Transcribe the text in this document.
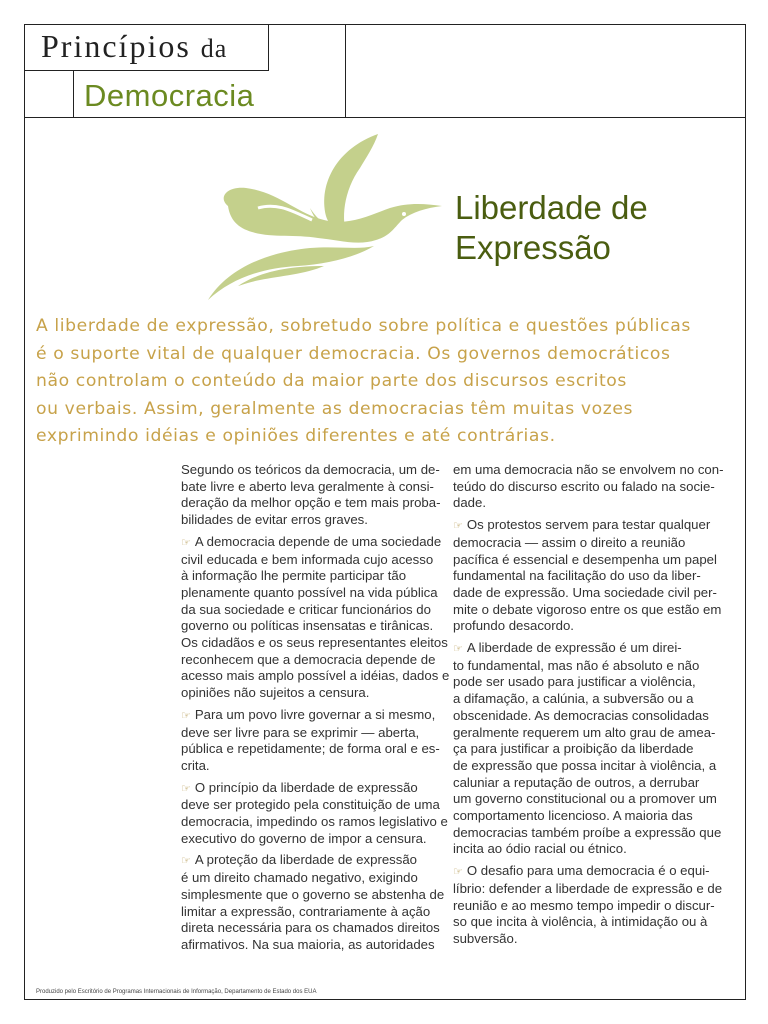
Princípios da
Democracia
Liberdade de
Expressão

A liberdade de expressão, sobretudo sobre política e questões públicas

é o suporte vital de qualquer democracia. Os governos democráticos

não controlam o conteúdo da maior parte dos discursos escritos

ou verbais. Assim, geralmente as democracias têm muitas vozes

exprimindo idéias e opiniões diferentes e até contrárias.

Segundo os teóricos da democracia, um de-
bate livre e aberto leva geralmente à consi-
deração da melhor opção e tem mais proba-
bilidades de evitar erros graves.
☞ A democracia depende de uma sociedade
civil educada e bem informada cujo acesso
à informação lhe permite participar tão
plenamente quanto possível na vida pública
da sua sociedade e criticar funcionários do
governo ou políticas insensatas e tirânicas.
Os cidadãos e os seus representantes eleitos
reconhecem que a democracia depende de
acesso mais amplo possível a idéias, dados e
opiniões não sujeitos a censura.
☞ Para um povo livre governar a si mesmo,
deve ser livre para se exprimir — aberta,
pública e repetidamente; de forma oral e es-
crita.
☞ O princípio da liberdade de expressão
deve ser protegido pela constituição de uma
democracia, impedindo os ramos legislativo e
executivo do governo de impor a censura.
☞ A proteção da liberdade de expressão
é um direito chamado negativo, exigindo
simplesmente que o governo se abstenha de
limitar a expressão, contrariamente à ação
direta necessária para os chamados direitos
afirmativos. Na sua maioria, as autoridades
em uma democracia não se envolvem no con-
teúdo do discurso escrito ou falado na socie-
dade.
☞ Os protestos servem para testar qualquer
democracia — assim o direito a reunião
pacífica é essencial e desempenha um papel
fundamental na facilitação do uso da liber-
dade de expressão. Uma sociedade civil per-
mite o debate vigoroso entre os que estão em
profundo desacordo.
☞ A liberdade de expressão é um direi-
to fundamental, mas não é absoluto e não
pode ser usado para justificar a violência,
a difamação, a calúnia, a subversão ou a
obscenidade. As democracias consolidadas
geralmente requerem um alto grau de amea-
ça para justificar a proibição da liberdade
de expressão que possa incitar à violência, a
caluniar a reputação de outros, a derrubar
um governo constitucional ou a promover um
comportamento licencioso. A maioria das
democracias também proíbe a expressão que
incita ao ódio racial ou étnico.
☞ O desafio para uma democracia é o equi-
líbrio: defender a liberdade de expressão e de
reunião e ao mesmo tempo impedir o discur-
so que incita à violência, à intimidação ou à
subversão.
Produzido pelo Escritório de Programas Internacionais de Informação, Departamento de Estado dos EUA
